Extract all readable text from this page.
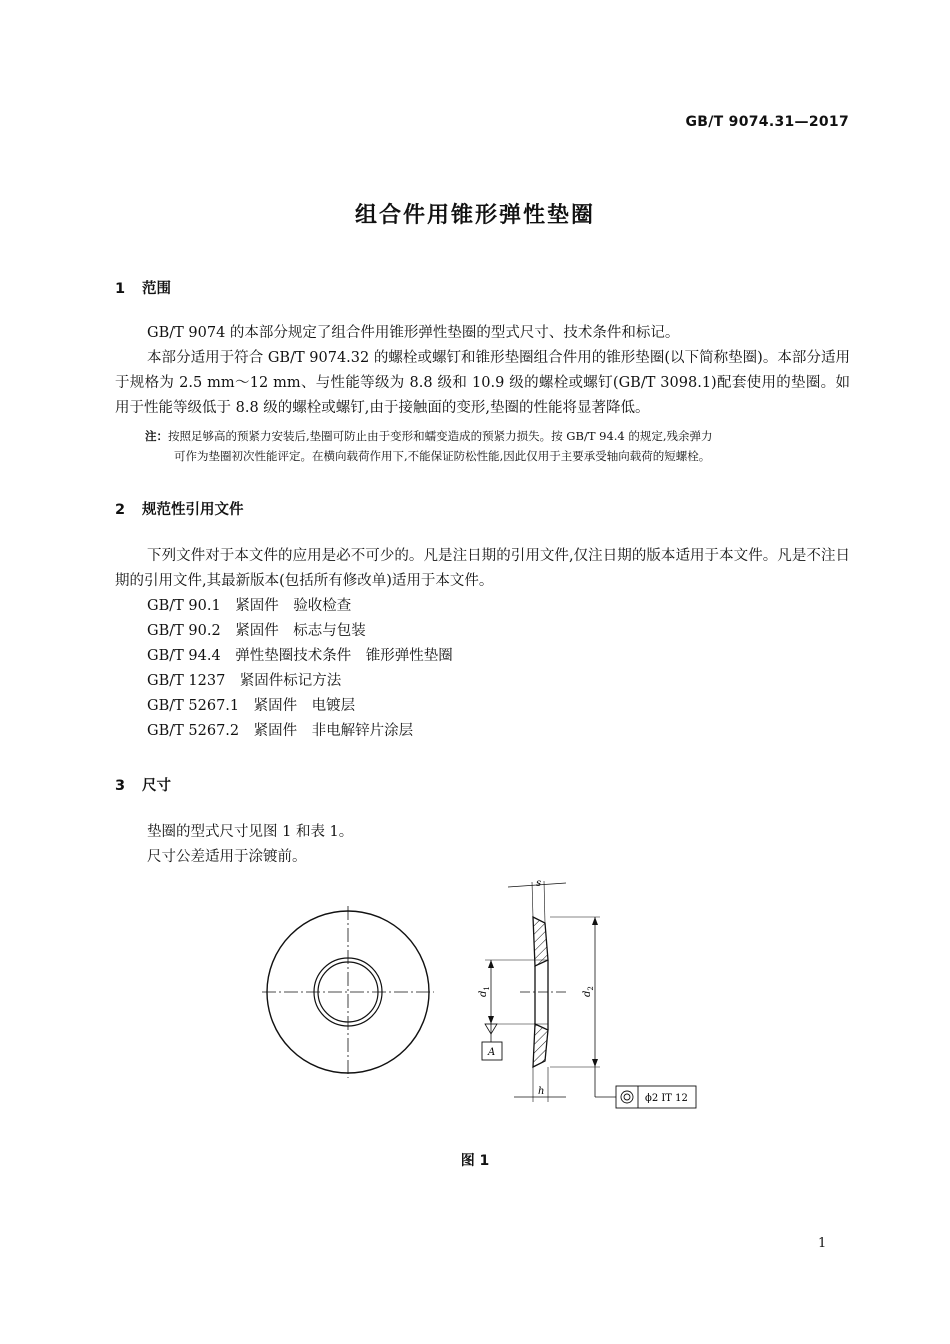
GB/T 9074.31—2017
组合件用锥形弹性垫圈
1 范围
GB/T 9074 的本部分规定了组合件用锥形弹性垫圈的型式尺寸、技术条件和标记。
本部分适用于符合 GB/T 9074.32 的螺栓或螺钉和锥形垫圈组合件用的锥形垫圈(以下简称垫圈)。本部分适用于规格为 2.5 mm～12 mm、与性能等级为 8.8 级和 10.9 级的螺栓或螺钉(GB/T 3098.1)配套使用的垫圈。如用于性能等级低于 8.8 级的螺栓或螺钉,由于接触面的变形,垫圈的性能将显著降低。
注：按照足够高的预紧力安装后,垫圈可防止由于变形和蠕变造成的预紧力损失。按 GB/T 94.4 的规定,残余弹力
可作为垫圈初次性能评定。在横向载荷作用下,不能保证防松性能,因此仅用于主要承受轴向载荷的短螺栓。
2 规范性引用文件
下列文件对于本文件的应用是必不可少的。凡是注日期的引用文件,仅注日期的版本适用于本文件。凡是不注日期的引用文件,其最新版本(包括所有修改单)适用于本文件。
GB/T 90.1　紧固件　验收检查
GB/T 90.2　紧固件　标志与包装
GB/T 94.4　弹性垫圈技术条件　锥形弹性垫圈
GB/T 1237　紧固件标记方法
GB/T 5267.1　紧固件　电镀层
GB/T 5267.2　紧固件　非电解锌片涂层
3 尺寸
垫圈的型式尺寸见图 1 和表 1。
尺寸公差适用于涂镀前。
s
h
$d_1$
$d_2$
A
ϕ2 IT 12
图 1
1
